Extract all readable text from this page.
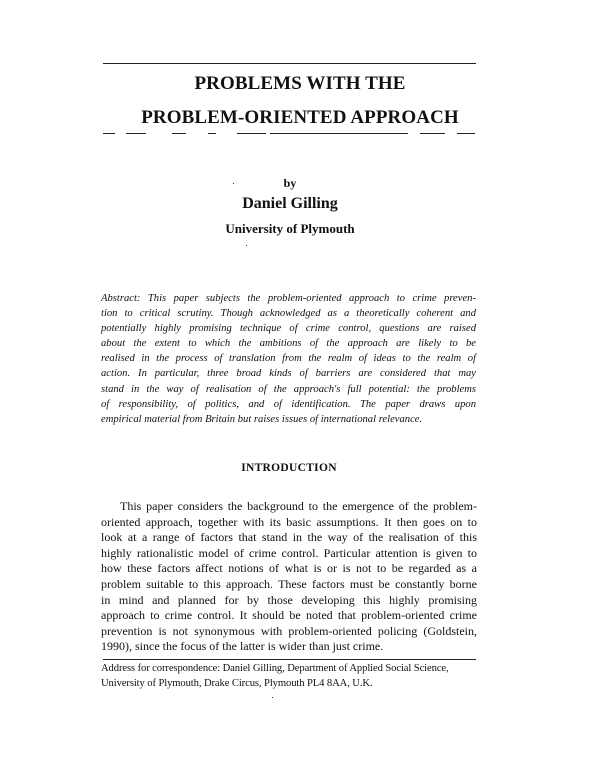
PROBLEMS WITH THE
PROBLEM-ORIENTED APPROACH
by
Daniel Gilling
University of Plymouth
Abstract: This paper subjects the problem-oriented approach to crime preven-
tion to critical scrutiny. Though acknowledged as a theoretically coherent and
potentially highly promising technique of crime control, questions are raised
about the extent to which the ambitions of the approach are likely to be
realised in the process of translation from the realm of ideas to the realm of
action. In particular, three broad kinds of barriers are considered that may
stand in the way of realisation of the approach's full potential: the problems
of responsibility, of politics, and of identification. The paper draws upon
empirical material from Britain but raises issues of international relevance.
INTRODUCTION
This paper considers the background to the emergence of the problem-
oriented approach, together with its basic assumptions. It then goes on to
look at a range of factors that stand in the way of the realisation of this
highly rationalistic model of crime control. Particular attention is given to
how these factors affect notions of what is or is not to be regarded as a
problem suitable to this approach. These factors must be constantly borne
in mind and planned for by those developing this highly promising
approach to crime control. It should be noted that problem-oriented crime
prevention is not synonymous with problem-oriented policing (Goldstein,
1990), since the focus of the latter is wider than just crime.
Address for correspondence: Daniel Gilling, Department of Applied Social Science,
University of Plymouth, Drake Circus, Plymouth PL4 8AA, U.K.
